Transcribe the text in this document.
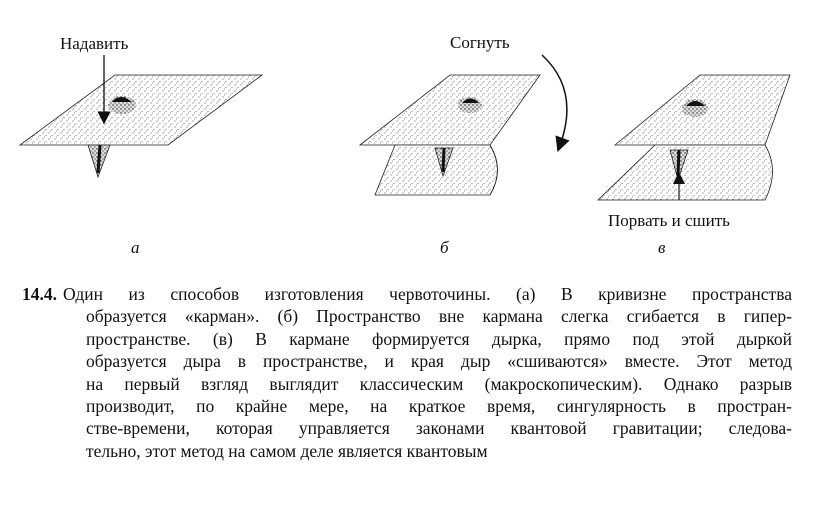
Надавить	Согнуть
Порвать и сшить
а	б	в
14.4. Один из способов изготовления червоточины. (а) В кривизне пространства
образуется «карман». (б) Пространство вне кармана слегка сгибается в гипер-
пространстве. (в) В кармане формируется дырка, прямо под этой дыркой
образуется дыра в пространстве, и края дыр «сшиваются» вместе. Этот метод
на первый взгляд выглядит классическим (макроскопическим). Однако разрыв
производит, по крайне мере, на краткое время, сингулярность в простран-
стве-времени, которая управляется законами квантовой гравитации; следова-
тельно, этот метод на самом деле является квантовым
